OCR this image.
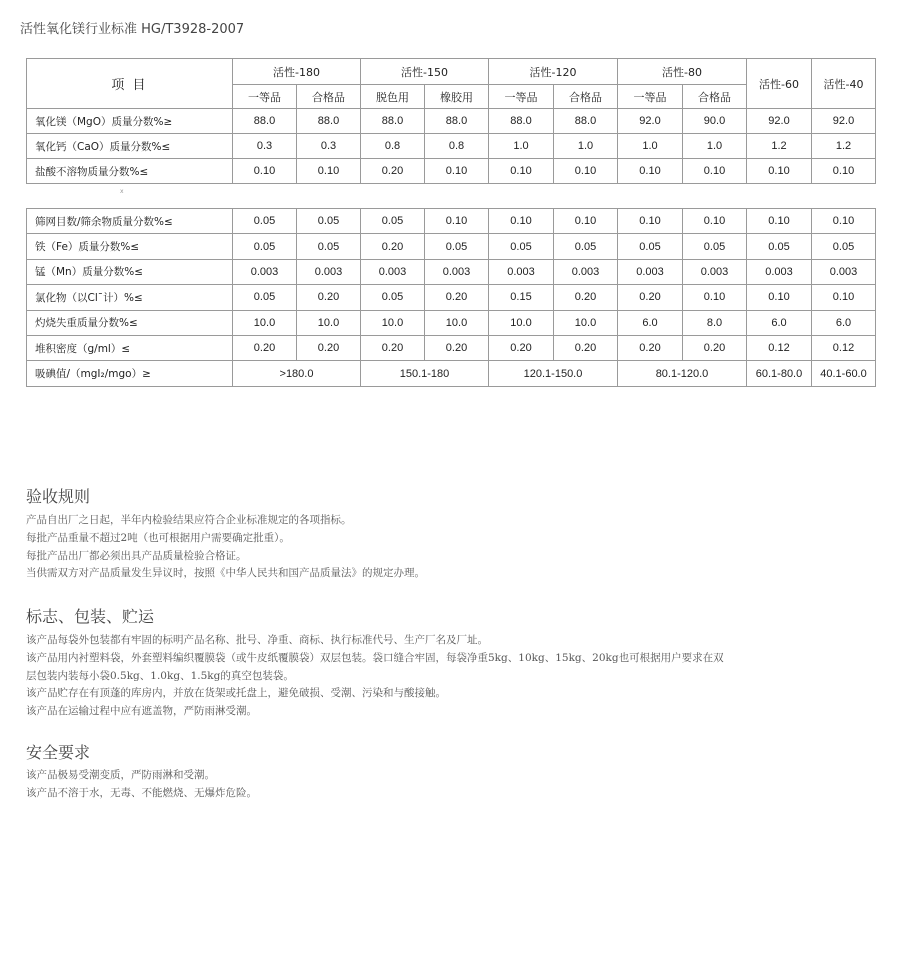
活性氧化镁行业标准 HG/T3928-2007
项 目	活性-180		活性-150		活性-120		活性-80		活性-60	活性-40
	一等品	合格品	脱色用	橡胶用	一等品	合格品	一等品	合格品		
氧化镁（MgO）质量分数%≥	88.0	88.0	88.0	88.0	88.0	88.0	92.0	90.0	92.0	92.0
氧化钙（CaO）质量分数%≤	0.3	0.3	0.8	0.8	1.0	1.0	1.0	1.0	1.2	1.2
盐酸不溶物质量分数%≤	0.10	0.10	0.20	0.10	0.10	0.10	0.10	0.10	0.10	0.10
x
筛网目数/筛余物质量分数%≤	0.05	0.05	0.05	0.10	0.10	0.10	0.10	0.10	0.10	0.10
铁（Fe）质量分数%≤	0.05	0.05	0.20	0.05	0.05	0.05	0.05	0.05	0.05	0.05
锰（Mn）质量分数%≤	0.003	0.003	0.003	0.003	0.003	0.003	0.003	0.003	0.003	0.003
氯化物（以Cl¯计）%≤	0.05	0.20	0.05	0.20	0.15	0.20	0.20	0.10	0.10	0.10
灼烧失重质量分数%≤	10.0	10.0	10.0	10.0	10.0	10.0	6.0	8.0	6.0	6.0
堆积密度（g/ml）≤	0.20	0.20	0.20	0.20	0.20	0.20	0.20	0.20	0.12	0.12
吸碘值/（mgI₂/mgo）≥	>180.0		150.1-180		120.1-150.0		80.1-120.0		60.1-80.0	40.1-60.0
验收规则
产品自出厂之日起，半年内检验结果应符合企业标准规定的各项指标。
每批产品重量不超过2吨（也可根据用户需要确定批重）。
每批产品出厂都必须出具产品质量检验合格证。
当供需双方对产品质量发生异议时，按照《中华人民共和国产品质量法》的规定办理。
标志、包装、贮运
该产品每袋外包装都有牢固的标明产品名称、批号、净重、商标、执行标准代号、生产厂名及厂址。
该产品用内衬塑料袋，外套塑料编织覆膜袋（或牛皮纸覆膜袋）双层包装。袋口缝合牢固，每袋净重5kg、10kg、15kg、20kg也可根据用户要求在双
层包装内装每小袋0.5kg、1.0kg、1.5kg的真空包装袋。
该产品贮存在有顶蓬的库房内，并放在货架或托盘上，避免破损、受潮、污染和与酸接触。
该产品在运输过程中应有遮盖物，严防雨淋受潮。
安全要求
该产品极易受潮变质，严防雨淋和受潮。
该产品不溶于水，无毒、不能燃烧、无爆炸危险。
